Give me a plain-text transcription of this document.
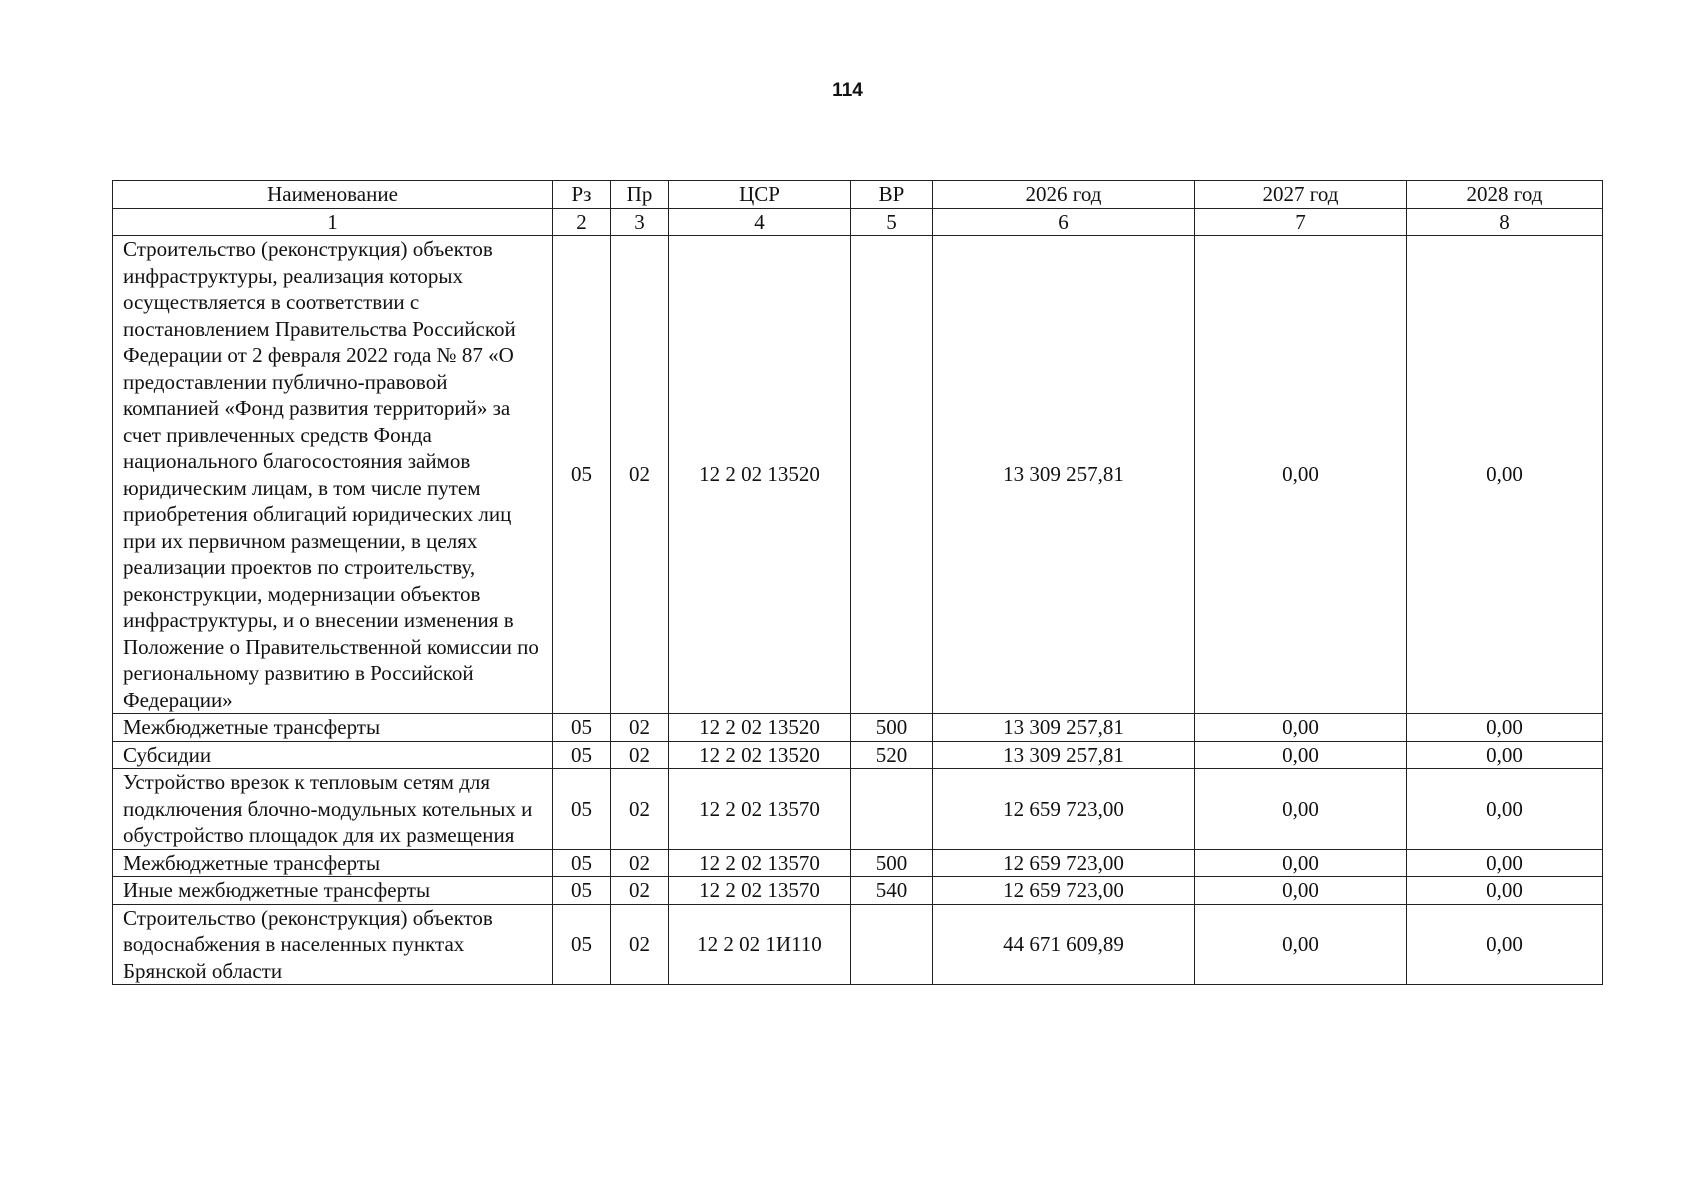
114
Наименование	Рз	Пр	ЦСР	ВР	2026 год	2027 год	2028 год
1	2	3	4	5	6	7	8
Строительство (реконструкция) объектов инфраструктуры, реализация которых осуществляется в соответствии с постановлением Правительства Российской Федерации от 2 февраля 2022 года № 87 «О предоставлении публично-правовой компанией «Фонд развития территорий» за счет привлеченных средств Фонда национального благосостояния займов юридическим лицам, в том числе путем приобретения облигаций юридических лиц при их первичном размещении, в целях реализации проектов по строительству, реконструкции, модернизации объектов инфраструктуры, и о внесении изменения в Положение о Правительственной комиссии по региональному развитию в Российской Федерации»	05	02	12 2 02 13520		13 309 257,81	0,00	0,00
Межбюджетные трансферты	05	02	12 2 02 13520	500	13 309 257,81	0,00	0,00
Субсидии	05	02	12 2 02 13520	520	13 309 257,81	0,00	0,00
Устройство врезок к тепловым сетям для подключения блочно-модульных котельных и обустройство площадок для их размещения	05	02	12 2 02 13570		12 659 723,00	0,00	0,00
Межбюджетные трансферты	05	02	12 2 02 13570	500	12 659 723,00	0,00	0,00
Иные межбюджетные трансферты	05	02	12 2 02 13570	540	12 659 723,00	0,00	0,00
Строительство (реконструкция) объектов водоснабжения в населенных пунктах Брянской области	05	02	12 2 02 1И110		44 671 609,89	0,00	0,00
